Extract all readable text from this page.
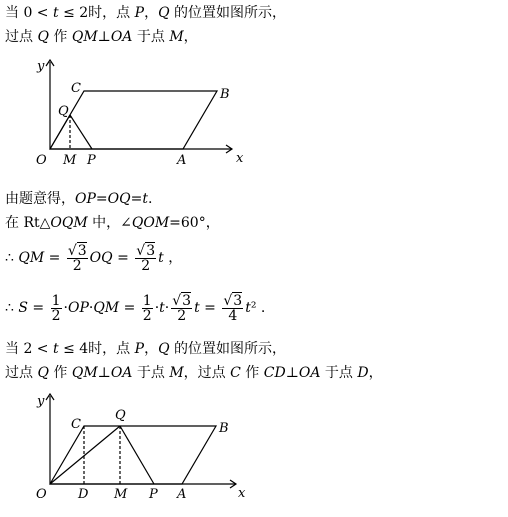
当 0 < t ≤ 2时，点 P，Q 的位置如图所示，
过点 Q 作 QM⊥OA 于点 M，
y
x
O
C	B
Q
M P	A
由题意得，OP=OQ=t.
在 Rt△OQM 中，∠QOM=60°，
∴ QM = $\frac{√3}{2}$ OQ = $\frac{√3}{2}$ t ，
∴ $S = \frac{1}{2} \cdot OP\cdot QM = \frac{1}{2} \cdot t\cdot \frac{√3}{2}$ $t = \frac{√3}{4} t^2$ .
当 2 < t ≤ 4时，点 P，Q 的位置如图所示，
过点 Q 作 QM⊥OA 于点 M，过点 C 作 CD⊥OA 于点 D，
y
x
O
C	B
Q
D M P A
